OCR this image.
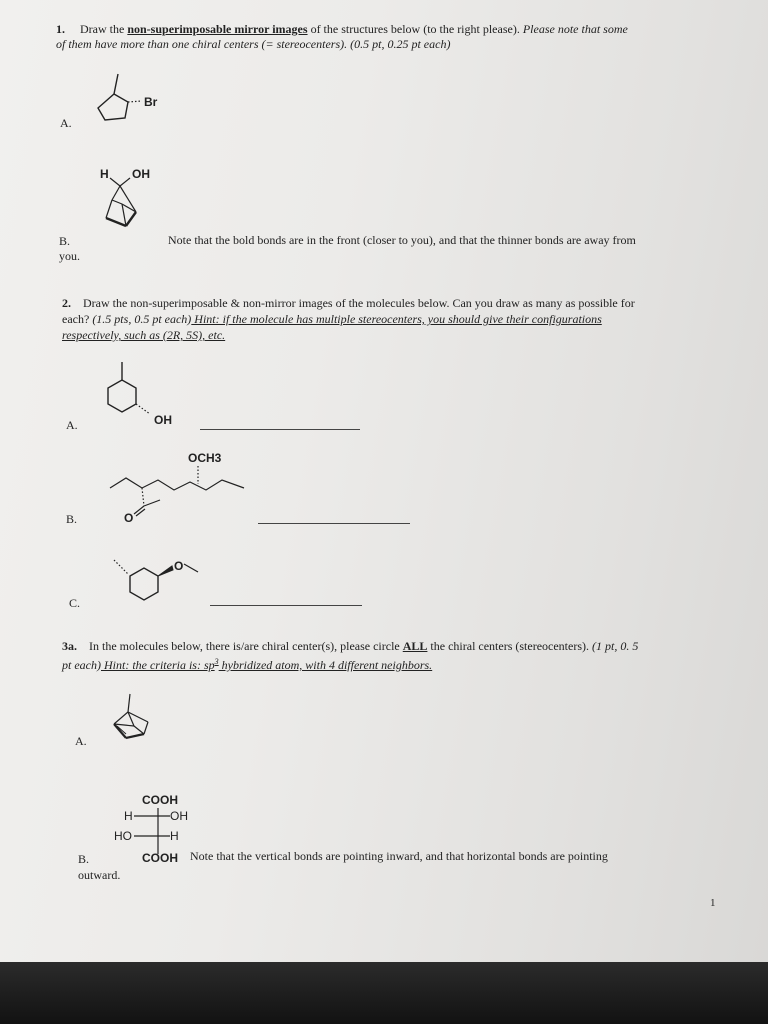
1. Draw the non-superimposable mirror images of the structures below (to the right please). Please note that some
of them have more than one chiral centers (= stereocenters). (0.5 pt, 0.25 pt each)
A.
Br
H OH
B.	Note that the bold bonds are in the front (closer to you), and that the thinner bonds are away from
you.
2. Draw the non-superimposable & non-mirror images of the molecules below. Can you draw as many as possible for
each? (1.5 pts, 0.5 pt each) Hint: if the molecule has multiple stereocenters, you should give their configurations
respectively, such as (2R, 5S), etc.
A.	OH
OCH3
O
B.
O
C.
3a. In the molecules below, there is/are chiral center(s), please circle ALL the chiral centers (stereocenters). (1 pt, 0. 5
pt each) Hint: the criteria is: $sp^3$ hybridized atom, with 4 different neighbors.
A.
COOH
H	OH
HO	H
COOH
B.	Note that the vertical bonds are pointing inward, and that horizontal bonds are pointing
outward.
1
